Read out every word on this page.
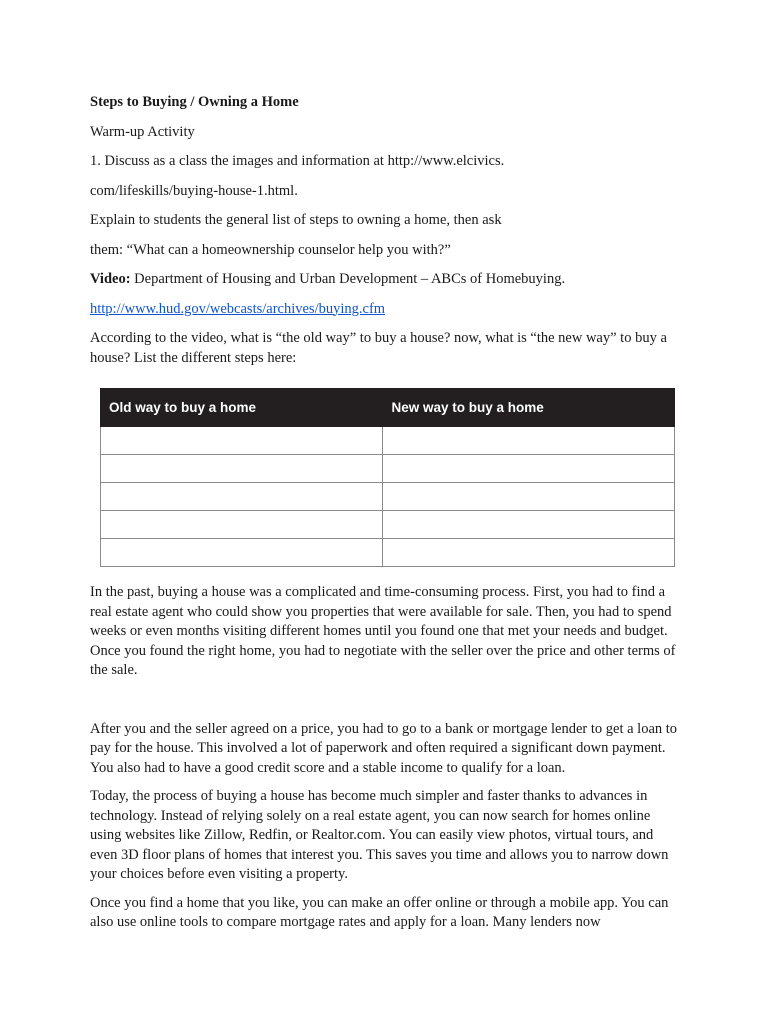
Steps to Buying / Owning a Home

Warm-up Activity

1. Discuss as a class the images and information at http://www.elcivics.

com/lifeskills/buying-house-1.html.

Explain to students the general list of steps to owning a home, then ask

them: “What can a homeownership counselor help you with?”

Video: Department of Housing and Urban Development – ABCs of Homebuying.

http://www.hud.gov/webcasts/archives/buying.cfm

According to the video, what is “the old way” to buy a house? now, what is “the new way” to buy a house? List the different steps here:

Old way to buy a home	New way to buy a home

In the past, buying a house was a complicated and time-consuming process. First, you had to find a real estate agent who could show you properties that were available for sale. Then, you had to spend weeks or even months visiting different homes until you found one that met your needs and budget. Once you found the right home, you had to negotiate with the seller over the price and other terms of the sale.

After you and the seller agreed on a price, you had to go to a bank or mortgage lender to get a loan to pay for the house. This involved a lot of paperwork and often required a significant down payment. You also had to have a good credit score and a stable income to qualify for a loan.

Today, the process of buying a house has become much simpler and faster thanks to advances in technology. Instead of relying solely on a real estate agent, you can now search for homes online using websites like Zillow, Redfin, or Realtor.com. You can easily view photos, virtual tours, and even 3D floor plans of homes that interest you. This saves you time and allows you to narrow down your choices before even visiting a property.

Once you find a home that you like, you can make an offer online or through a mobile app. You can also use online tools to compare mortgage rates and apply for a loan. Many lenders now
